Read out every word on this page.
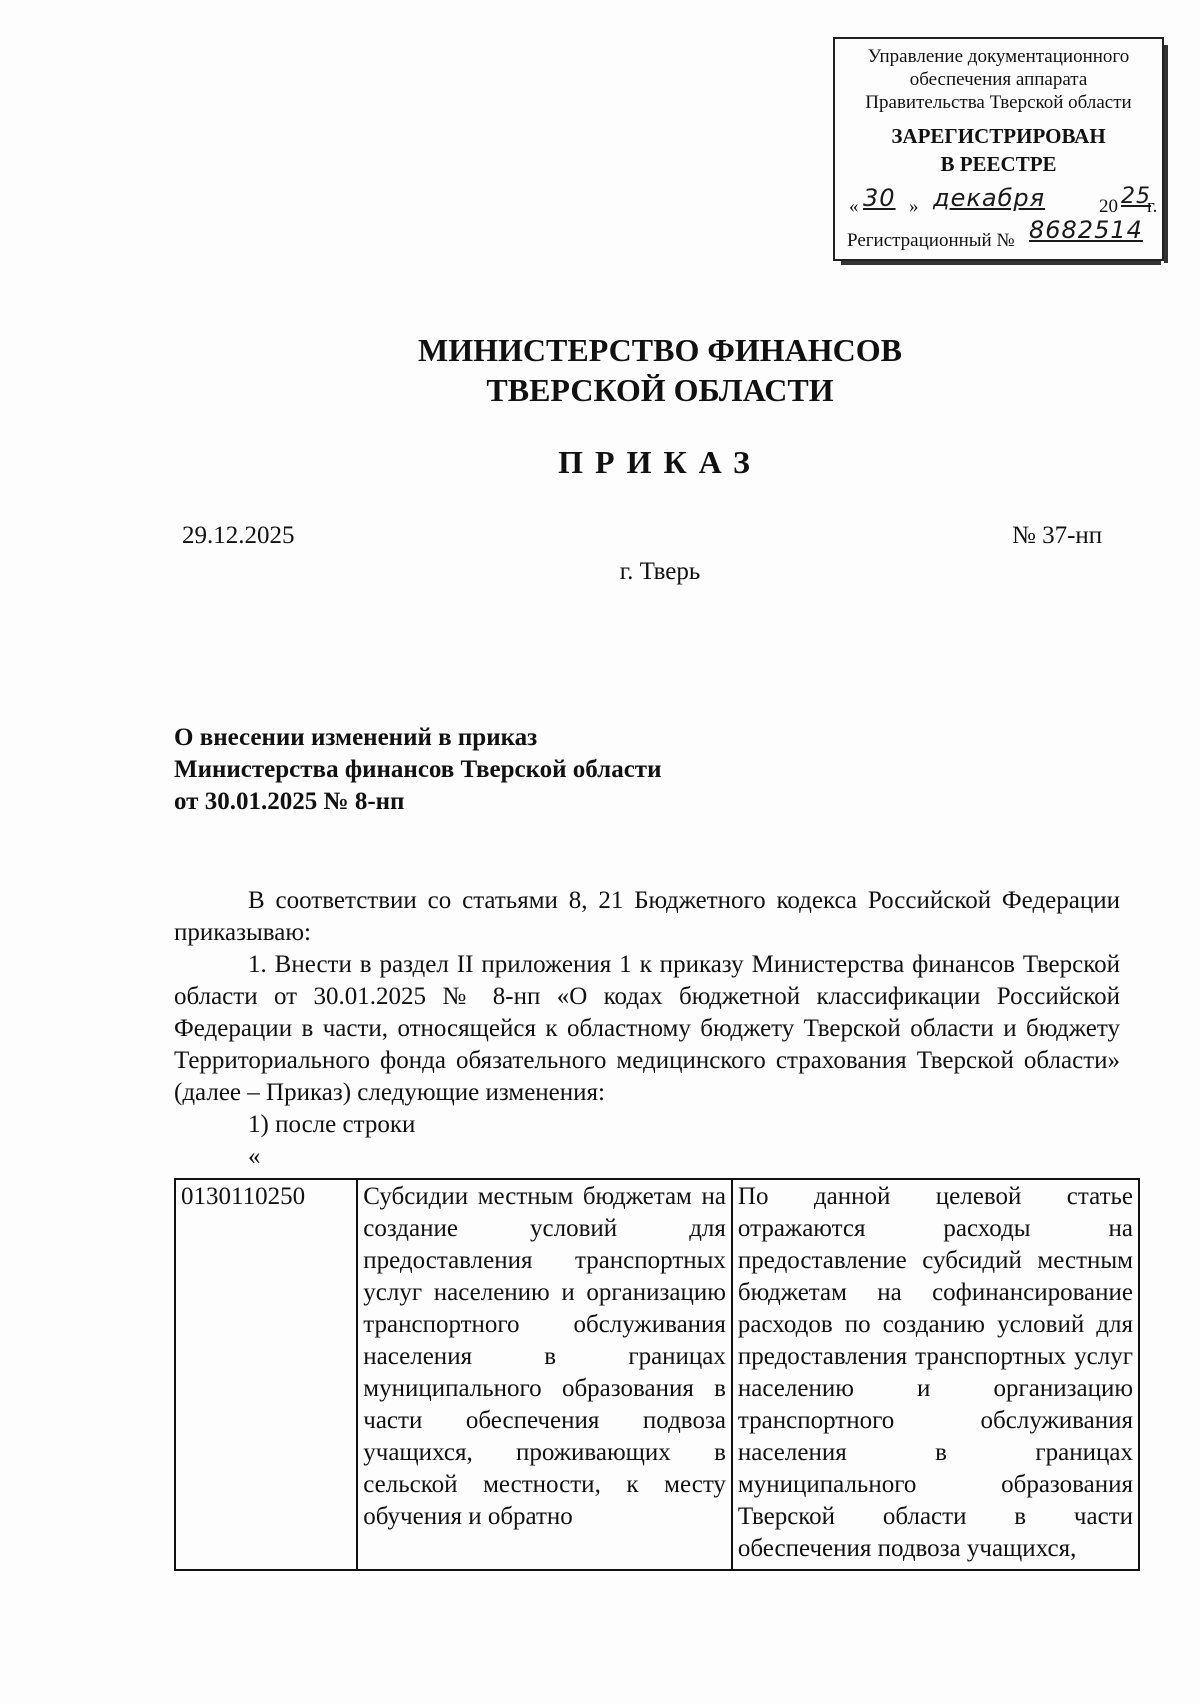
Управление документационного
обеспечения аппарата
Правительства Тверской области
ЗАРЕГИСТРИРОВАН
В РЕЕСТРЕ
« 30 » декабря	20 25
г.
Регистрационный № 8682514
МИНИСТЕРСТВО ФИНАНСОВ
ТВЕРСКОЙ ОБЛАСТИ
ПРИКАЗ
29.12.2025	№ 37-нп
г. Тверь
О внесении изменений в приказ
Министерства финансов Тверской области
от 30.01.2025 № 8-нп

В соответствии со статьями 8, 21 Бюджетного кодекса Российской Федерации приказываю:

1. Внести в раздел II приложения 1 к приказу Министерства финансов Тверской области от 30.01.2025 № 8-нп «О кодах бюджетной классификации Российской Федерации в части, относящейся к областному бюджету Тверской области и бюджету Территориального фонда обязательного медицинского страхования Тверской области» (далее – Приказ) следующие изменения:

1) после строки

«

0130110250	Субсидии местным бюджетам на создание условий для предоставления транспортных услуг населению и организацию транспортного обслуживания населения в границах муниципального образования в части обеспечения подвоза учащихся, проживающих в сельской местности, к месту обучения и обратно	По данной целевой статье отражаются расходы на предоставление субсидий местным бюджетам на софинансирование расходов по созданию условий для предоставления транспортных услуг населению и организацию транспортного обслуживания населения в границах муниципального образования Тверской области в части обеспечения подвоза учащихся,
